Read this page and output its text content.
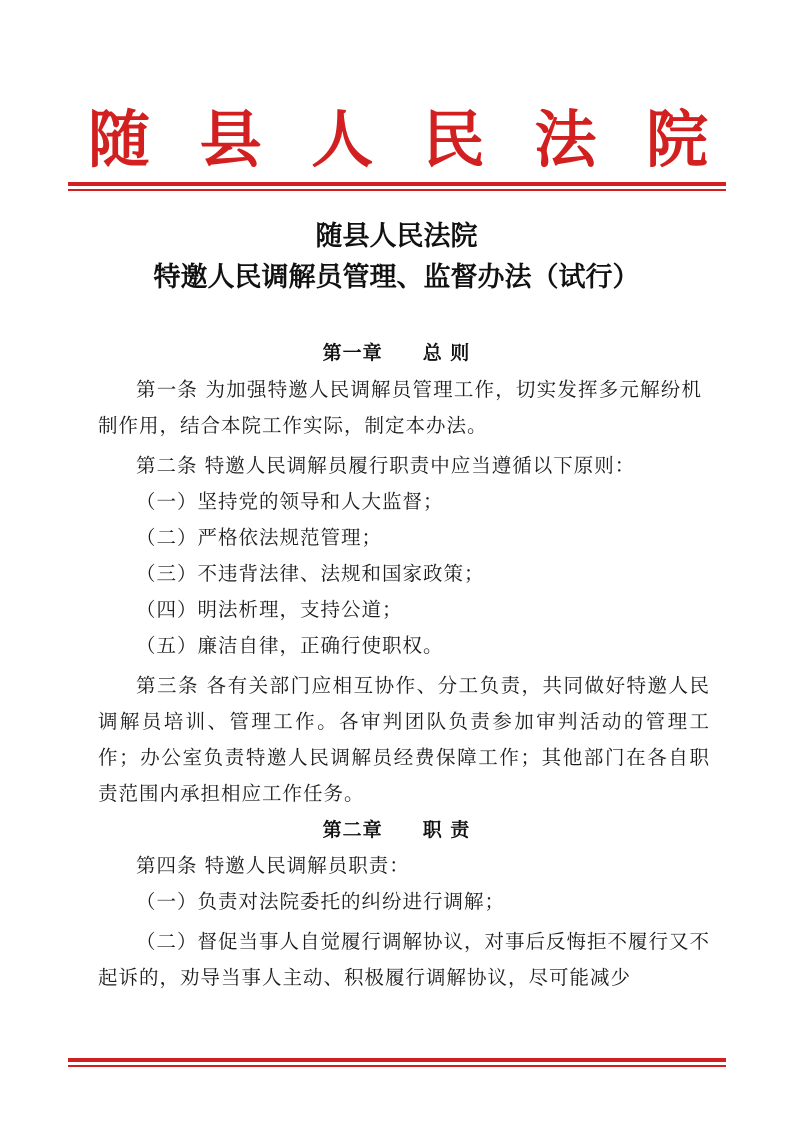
随 县 人 民 法 院
随县人民法院
特邀人民调解员管理、监督办法（试行）
第一章 总 则
第一条 为加强特邀人民调解员管理工作，切实发挥多元解纷机制作用，结合本院工作实际，制定本办法。
第二条 特邀人民调解员履行职责中应当遵循以下原则：
（一）坚持党的领导和人大监督；
（二）严格依法规范管理；
（三）不违背法律、法规和国家政策；
（四）明法析理，支持公道；
（五）廉洁自律，正确行使职权。
第三条 各有关部门应相互协作、分工负责，共同做好特邀人民调解员培训、管理工作。各审判团队负责参加审判活动的管理工作；办公室负责特邀人民调解员经费保障工作；其他部门在各自职责范围内承担相应工作任务。
第二章 职 责
第四条 特邀人民调解员职责：
（一）负责对法院委托的纠纷进行调解；
（二）督促当事人自觉履行调解协议，对事后反悔拒不履行又不起诉的，劝导当事人主动、积极履行调解协议，尽可能减少
